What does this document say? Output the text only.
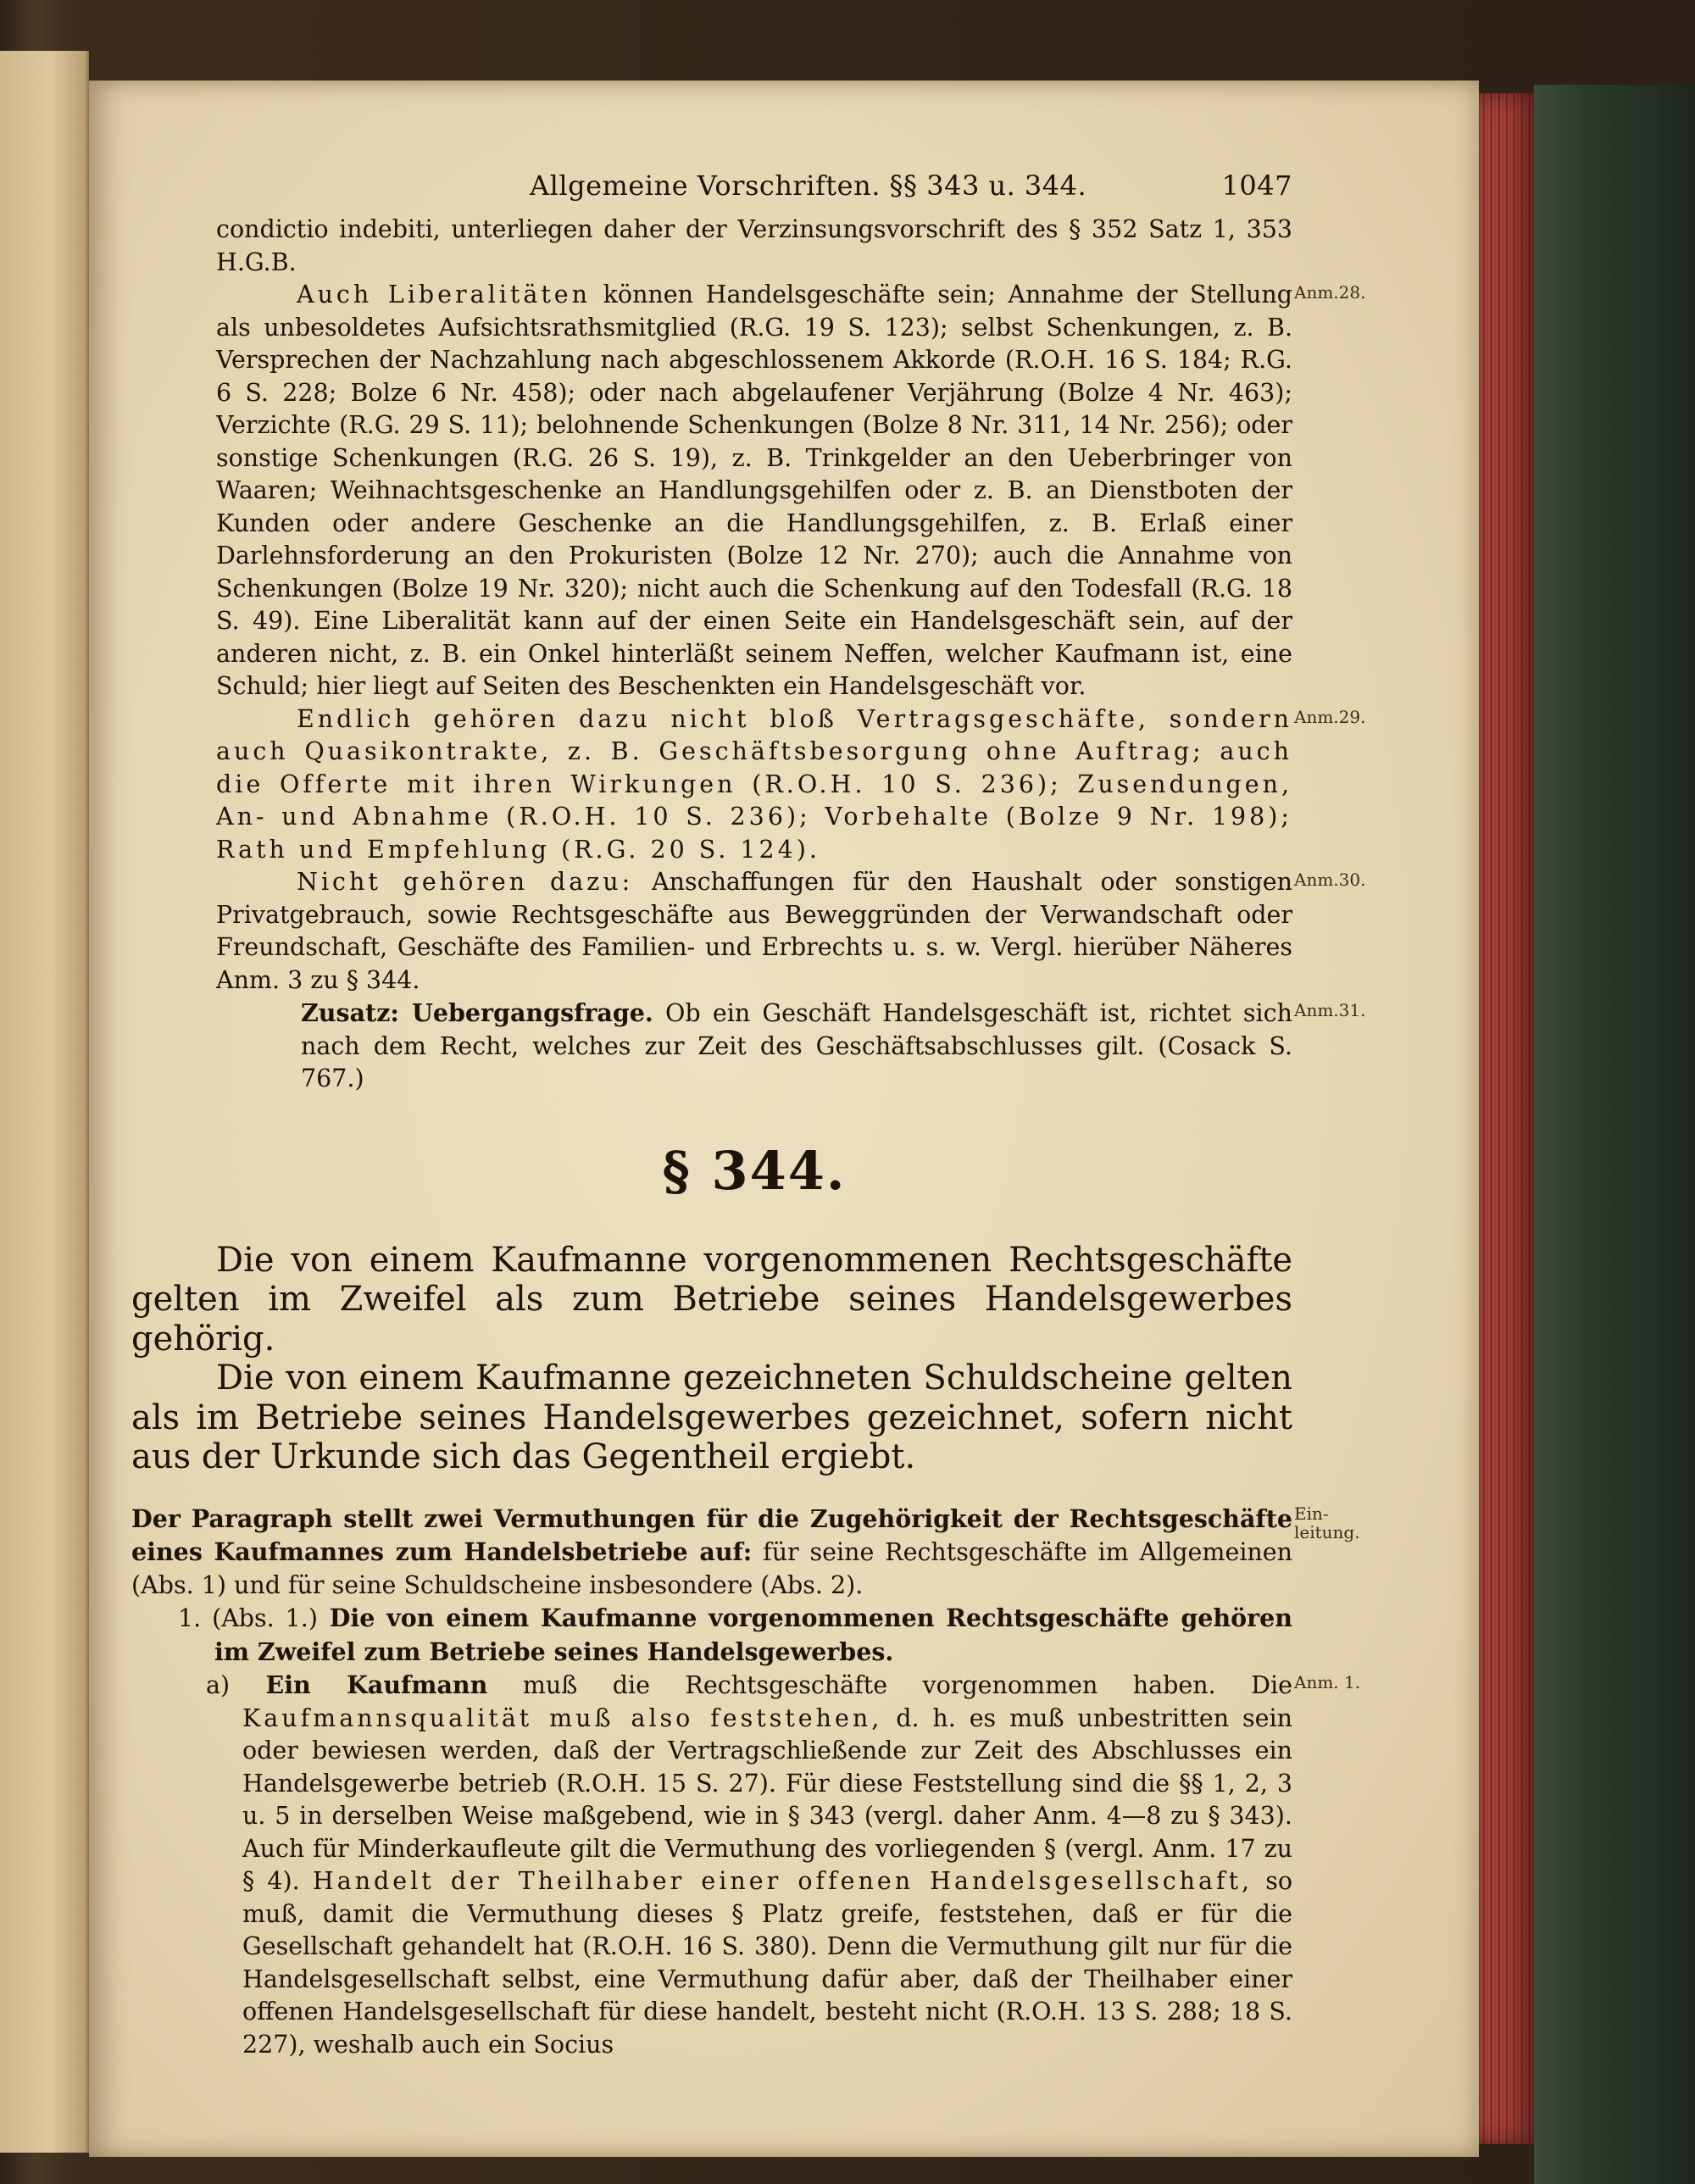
Allgemeine Vorschriften. §§ 343 u. 344.	1047

condictio indebiti, unterliegen daher der Verzinsungsvorschrift des § 352 Satz 1, 353 H.G.B.

Anm.28.

Auch Liberalitäten können Handelsgeschäfte sein; Annahme der Stellung als unbesoldetes Aufsichtsrathsmitglied (R.G. 19 S. 123); selbst Schenkungen, z. B. Versprechen der Nachzahlung nach abgeschlossenem Akkorde (R.O.H. 16 S. 184; R.G. 6 S. 228; Bolze 6 Nr. 458); oder nach abgelaufener Verjährung (Bolze 4 Nr. 463); Verzichte (R.G. 29 S. 11); belohnende Schenkungen (Bolze 8 Nr. 311, 14 Nr. 256); oder sonstige Schenkungen (R.G. 26 S. 19), z. B. Trinkgelder an den Ueberbringer von Waaren; Weihnachtsgeschenke an Handlungsgehilfen oder z. B. an Dienstboten der Kunden oder andere Geschenke an die Handlungsgehilfen, z. B. Erlaß einer Darlehnsforderung an den Prokuristen (Bolze 12 Nr. 270); auch die Annahme von Schenkungen (Bolze 19 Nr. 320); nicht auch die Schenkung auf den Todesfall (R.G. 18 S. 49). Eine Liberalität kann auf der einen Seite ein Handelsgeschäft sein, auf der anderen nicht, z. B. ein Onkel hinterläßt seinem Neffen, welcher Kaufmann ist, eine Schuld; hier liegt auf Seiten des Beschenkten ein Handelsgeschäft vor.

Anm.29.

Endlich gehören dazu nicht bloß Vertragsgeschäfte, sondern auch Quasikontrakte, z. B. Geschäftsbesorgung ohne Auftrag; auch die Offerte mit ihren Wirkungen (R.O.H. 10 S. 236); Zusendungen, An- und Abnahme (R.O.H. 10 S. 236); Vorbehalte (Bolze 9 Nr. 198); Rath und Empfehlung (R.G. 20 S. 124).

Anm.30.

Nicht gehören dazu: Anschaffungen für den Haushalt oder sonstigen Privatgebrauch, sowie Rechtsgeschäfte aus Beweggründen der Verwandschaft oder Freundschaft, Geschäfte des Familien- und Erbrechts u. s. w. Vergl. hierüber Näheres Anm. 3 zu § 344.

Anm.31.

Zusatz: Uebergangsfrage. Ob ein Geschäft Handelsgeschäft ist, richtet sich nach dem Recht, welches zur Zeit des Geschäftsabschlusses gilt. (Cosack S. 767.)

§ 344.

Die von einem Kaufmanne vorgenommenen Rechtsgeschäfte gelten im Zweifel als zum Betriebe seines Handelsgewerbes gehörig.

Die von einem Kaufmanne gezeichneten Schuldscheine gelten als im Betriebe seines Handelsgewerbes gezeichnet, sofern nicht aus der Urkunde sich das Gegentheil ergiebt.

Ein-
leitung.

Der Paragraph stellt zwei Vermuthungen für die Zugehörigkeit der Rechtsgeschäfte eines Kaufmannes zum Handelsbetriebe auf: für seine Rechtsgeschäfte im Allgemeinen (Abs. 1) und für seine Schuldscheine insbesondere (Abs. 2).

1. (Abs. 1.) Die von einem Kaufmanne vorgenommenen Rechtsgeschäfte gehören im Zweifel zum Betriebe seines Handelsgewerbes.

Anm. 1.

a) Ein Kaufmann muß die Rechtsgeschäfte vorgenommen haben. Die Kaufmannsqualität muß also feststehen, d. h. es muß unbestritten sein oder bewiesen werden, daß der Vertragschließende zur Zeit des Abschlusses ein Handelsgewerbe betrieb (R.O.H. 15 S. 27). Für diese Feststellung sind die §§ 1, 2, 3 u. 5 in derselben Weise maßgebend, wie in § 343 (vergl. daher Anm. 4—8 zu § 343). Auch für Minderkaufleute gilt die Vermuthung des vorliegenden § (vergl. Anm. 17 zu § 4). Handelt der Theilhaber einer offenen Handelsgesellschaft, so muß, damit die Vermuthung dieses § Platz greife, feststehen, daß er für die Gesellschaft gehandelt hat (R.O.H. 16 S. 380). Denn die Vermuthung gilt nur für die Handelsgesellschaft selbst, eine Vermuthung dafür aber, daß der Theilhaber einer offenen Handelsgesellschaft für diese handelt, besteht nicht (R.O.H. 13 S. 288; 18 S. 227), weshalb auch ein Socius
